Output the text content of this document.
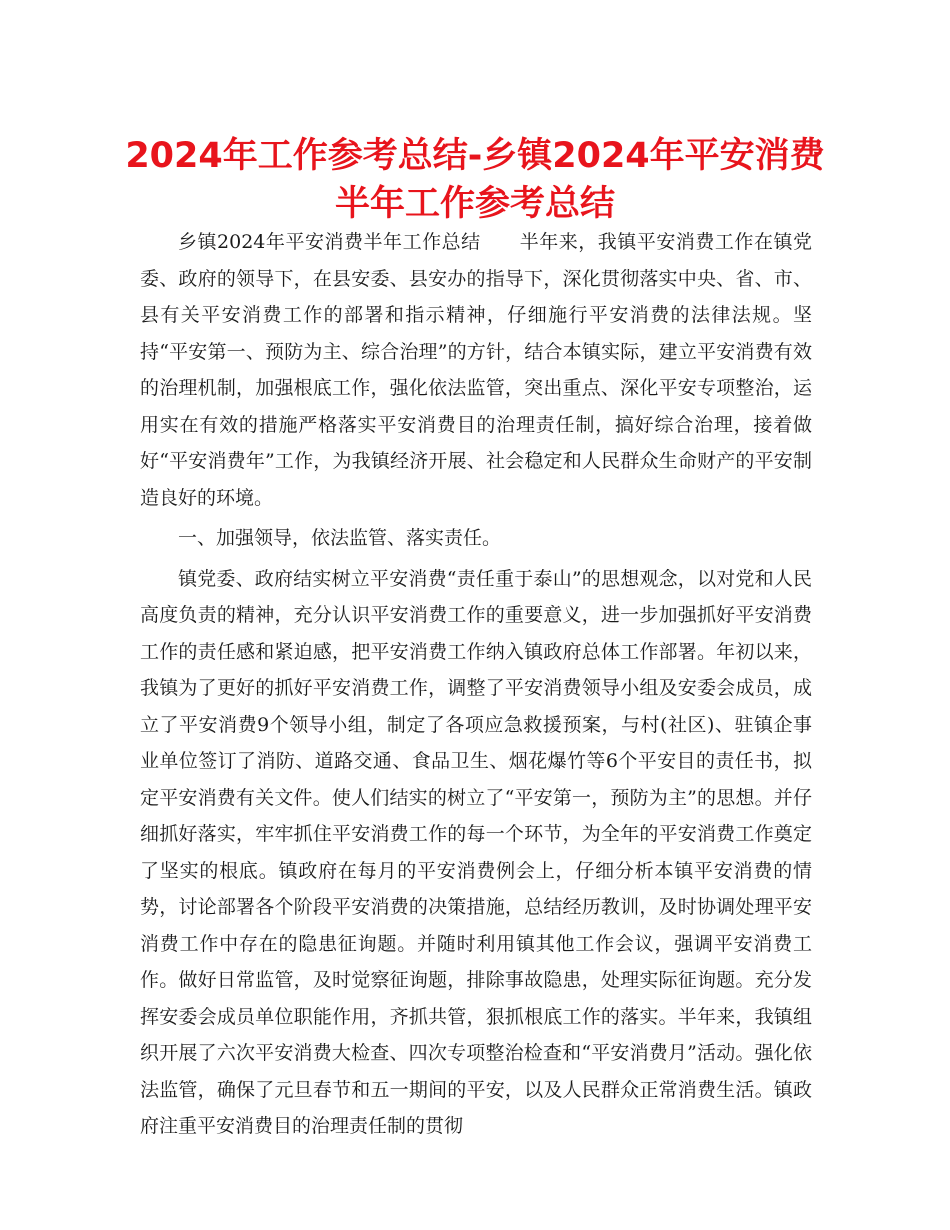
2024年工作参考总结-乡镇2024年平安消费半年工作参考总结

乡镇2024年平安消费半年工作总结　　半年来，我镇平安消费工作在镇党委、政府的领导下，在县安委、县安办的指导下，深化贯彻落实中央、省、市、县有关平安消费工作的部署和指示精神，仔细施行平安消费的法律法规。坚持“平安第一、预防为主、综合治理”的方针，结合本镇实际，建立平安消费有效的治理机制，加强根底工作，强化依法监管，突出重点、深化平安专项整治，运用实在有效的措施严格落实平安消费目的治理责任制，搞好综合治理，接着做好“平安消费年”工作，为我镇经济开展、社会稳定和人民群众生命财产的平安制造良好的环境。

一、加强领导，依法监管、落实责任。

镇党委、政府结实树立平安消费“责任重于泰山”的思想观念，以对党和人民高度负责的精神，充分认识平安消费工作的重要意义，进一步加强抓好平安消费工作的责任感和紧迫感，把平安消费工作纳入镇政府总体工作部署。年初以来，我镇为了更好的抓好平安消费工作，调整了平安消费领导小组及安委会成员，成立了平安消费9个领导小组，制定了各项应急救援预案，与村(社区)、驻镇企事业单位签订了消防、道路交通、食品卫生、烟花爆竹等6个平安目的责任书，拟定平安消费有关文件。使人们结实的树立了“平安第一，预防为主”的思想。并仔细抓好落实，牢牢抓住平安消费工作的每一个环节，为全年的平安消费工作奠定了坚实的根底。镇政府在每月的平安消费例会上，仔细分析本镇平安消费的情势，讨论部署各个阶段平安消费的决策措施，总结经历教训，及时协调处理平安消费工作中存在的隐患征询题。并随时利用镇其他工作会议，强调平安消费工作。做好日常监管，及时觉察征询题，排除事故隐患，处理实际征询题。充分发挥安委会成员单位职能作用，齐抓共管，狠抓根底工作的落实。半年来，我镇组织开展了六次平安消费大检查、四次专项整治检查和“平安消费月”活动。强化依法监管，确保了元旦春节和五一期间的平安，以及人民群众正常消费生活。镇政府注重平安消费目的治理责任制的贯彻
